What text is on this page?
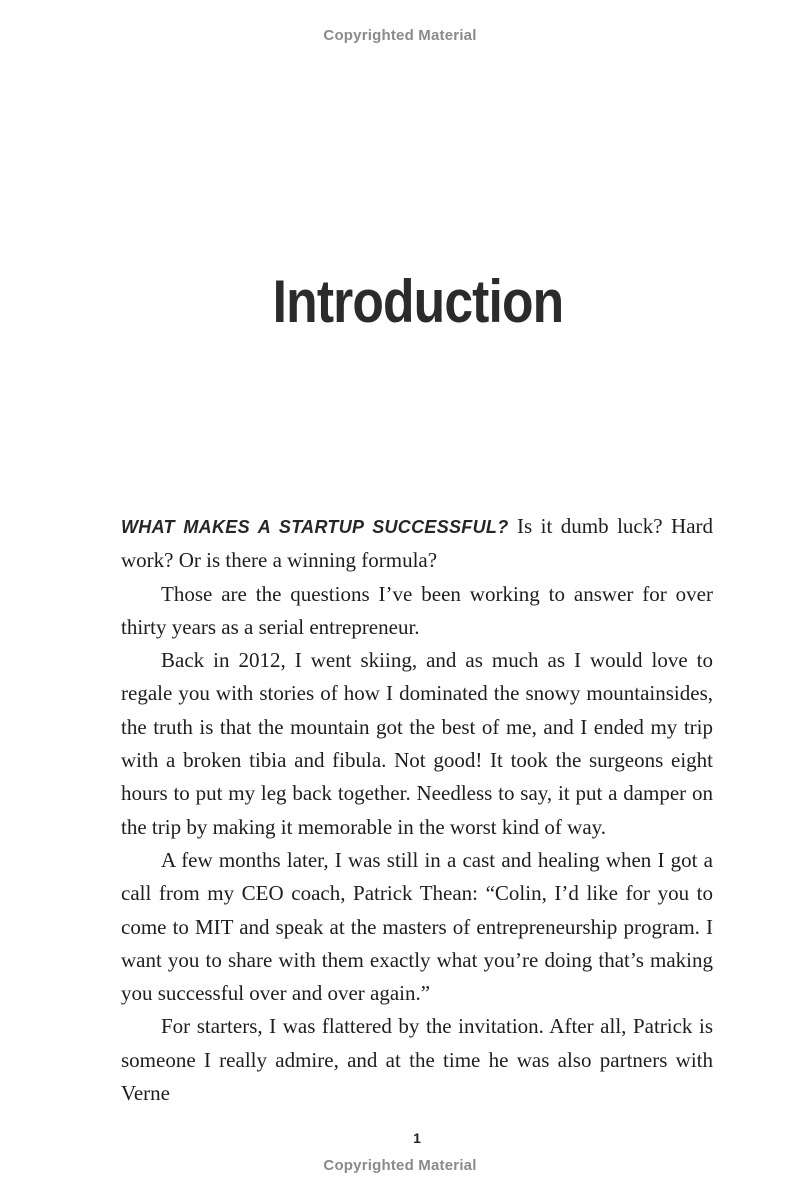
Copyrighted Material
Introduction

WHAT MAKES A STARTUP SUCCESSFUL? Is it dumb luck? Hard work? Or is there a winning formula?

Those are the questions I’ve been working to answer for over thirty years as a serial entrepreneur.

Back in 2012, I went skiing, and as much as I would love to regale you with stories of how I dominated the snowy mountainsides, the truth is that the mountain got the best of me, and I ended my trip with a broken tibia and fibula. Not good! It took the surgeons eight hours to put my leg back together. Needless to say, it put a damper on the trip by making it memorable in the worst kind of way.

A few months later, I was still in a cast and healing when I got a call from my CEO coach, Patrick Thean: “Colin, I’d like for you to come to MIT and speak at the masters of entrepreneurship program. I want you to share with them exactly what you’re doing that’s making you successful over and over again.”

For starters, I was flattered by the invitation. After all, Patrick is someone I really admire, and at the time he was also partners with Verne

1
Copyrighted Material
